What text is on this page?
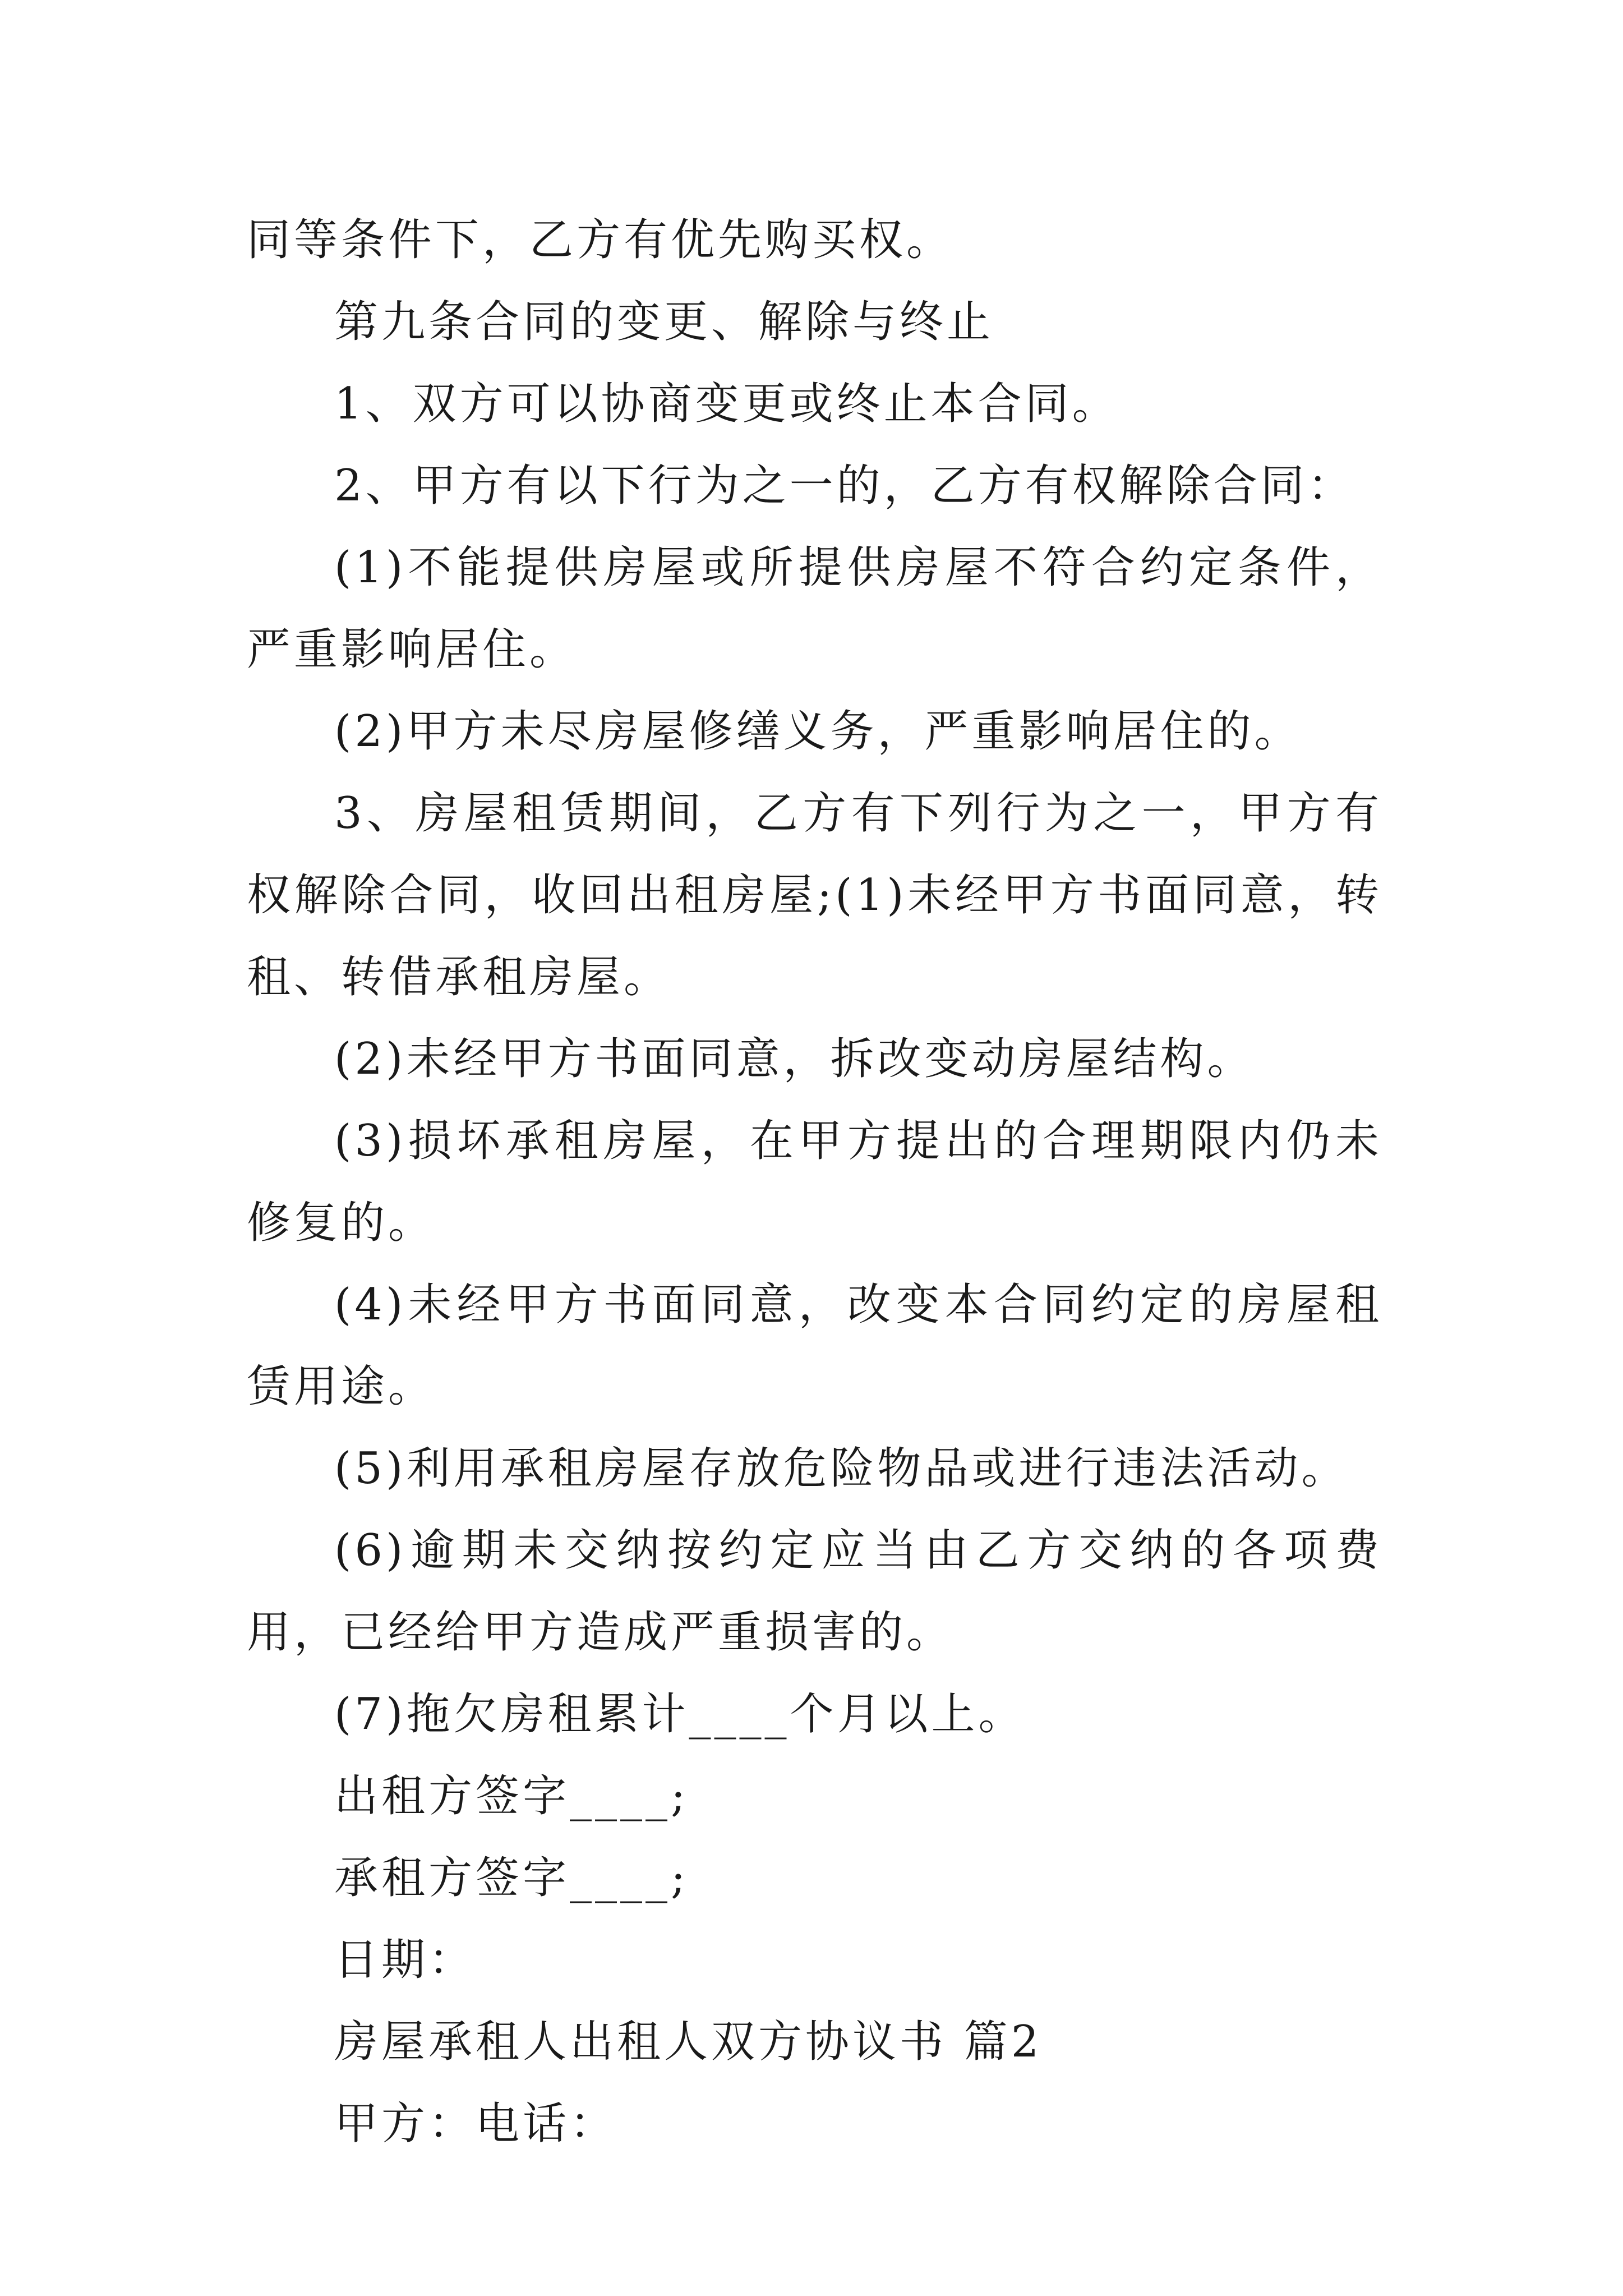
同等条件下，乙方有优先购买权。

第九条合同的变更、解除与终止

1、双方可以协商变更或终止本合同。

2、甲方有以下行为之一的，乙方有权解除合同：

(1)不能提供房屋或所提供房屋不符合约定条件，严重影响居住。

(2)甲方未尽房屋修缮义务，严重影响居住的。

3、房屋租赁期间，乙方有下列行为之一，甲方有权解除合同，收回出租房屋;(1)未经甲方书面同意，转租、转借承租房屋。

(2)未经甲方书面同意，拆改变动房屋结构。

(3)损坏承租房屋，在甲方提出的合理期限内仍未修复的。

(4)未经甲方书面同意，改变本合同约定的房屋租赁用途。

(5)利用承租房屋存放危险物品或进行违法活动。

(6)逾期未交纳按约定应当由乙方交纳的各项费用，已经给甲方造成严重损害的。

(7)拖欠房租累计____个月以上。

出租方签字____;

承租方签字____;

日期：

房屋承租人出租人双方协议书 篇2

甲方：电话：
